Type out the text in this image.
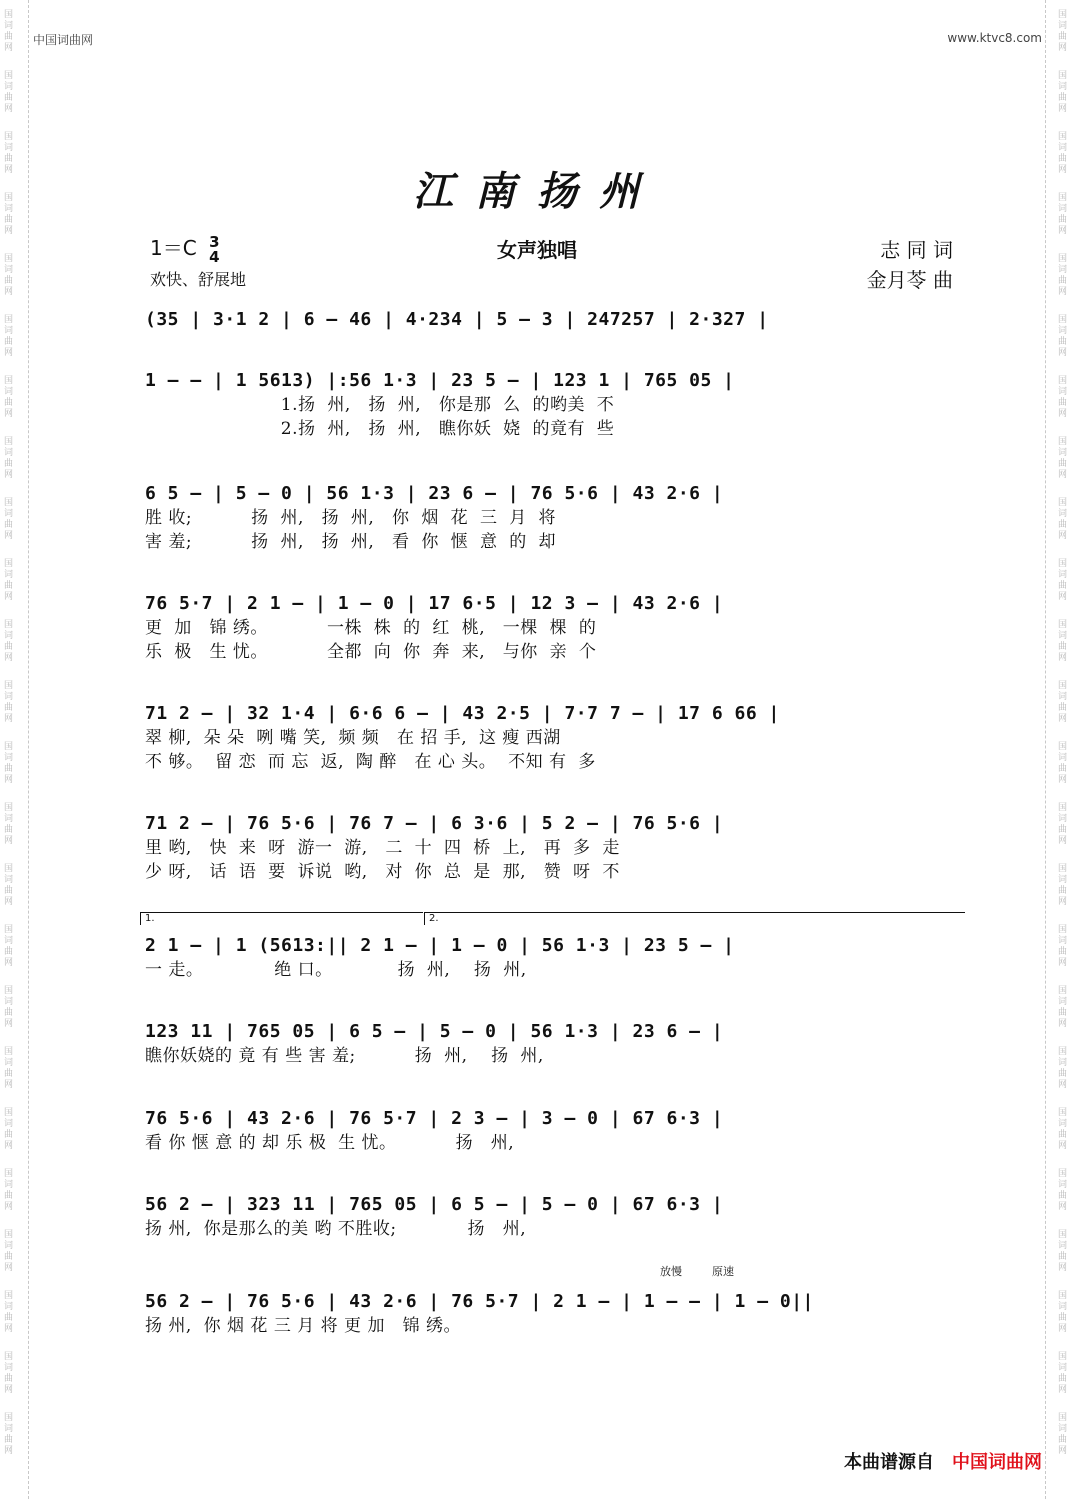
国词曲网
国词曲网
国词曲网
国词曲网
国词曲网
国词曲网
国词曲网
国词曲网
国词曲网
国词曲网
国词曲网
国词曲网
国词曲网
国词曲网
国词曲网
国词曲网
国词曲网
国词曲网
国词曲网
国词曲网
国词曲网
国词曲网
国词曲网
国词曲网
国词曲网
国词曲网
国词曲网
国词曲网
国词曲网
国词曲网
国词曲网
国词曲网
国词曲网
国词曲网
国词曲网
国词曲网
国词曲网
国词曲网
国词曲网
国词曲网
国词曲网
国词曲网
国词曲网
国词曲网
国词曲网
国词曲网
国词曲网
国词曲网
中国词曲网	www.ktvc8.com
江南扬州
1＝C 3
4	女声独唱	志 同 词
欢快、舒展地	金月苓 曲
(35 | 3·1 2 | 6 — 46 | 4·234 | 5 — 3 | 247257 | 2·327 |
1 — — | 1 5613) |:56 1·3 | 23 5 — | 123 1 | 765 05 |
1.扬  州,   扬  州,   你是那  么  的哟美  不
2.扬  州,   扬  州,   瞧你妖  娆  的竟有  些
6 5 — | 5 — 0 | 56 1·3 | 23 6 — | 76 5·6 | 43 2·6 |
胜 收;          扬  州,   扬  州,   你  烟  花  三  月  将
害 羞;          扬  州,   扬  州,   看  你  惬  意  的  却
76 5·7 | 2 1 — | 1 — 0 | 17 6·5 | 12 3 — | 43 2·6 |
更  加   锦 绣。          一株  株  的  红  桃,   一棵  棵  的
乐  极   生 忧。          全都  向  你  奔  来,   与你  亲  个
71 2 — | 32 1·4 | 6·6 6 — | 43 2·5 | 7·7 7 — | 17 6 66 |
翠 柳,  朵 朵  咧 嘴 笑,  频 频   在 招 手,  这 瘦 西湖
不 够。  留 恋  而 忘  返,  陶 醉   在 心 头。  不知 有  多
71 2 — | 76 5·6 | 76 7 — | 6 3·6 | 5 2 — | 76 5·6 |
里 哟,   快  来  呀  游一  游,   二  十  四  桥  上,   再  多  走
少 呀,   话  语  要  诉说  哟,   对  你  总  是  那,   赞  呀  不
2 1 — | 1 (5613:|| 2 1 — | 1 — 0 | 56 1·3 | 23 5 — |
一 走。            绝 口。           扬  州,    扬  州,
123 11 | 765 05 | 6 5 — | 5 — 0 | 56 1·3 | 23 6 — |
瞧你妖娆的 竟 有 些 害 羞;          扬  州,    扬  州,
76 5·6 | 43 2·6 | 76 5·7 | 2 3 — | 3 — 0 | 67 6·3 |
看 你 惬 意 的 却 乐 极  生 忧。          扬   州,
56 2 — | 323 11 | 765 05 | 6 5 — | 5 — 0 | 67 6·3 |
扬 州,  你是那么的美 哟 不胜收;            扬   州,
56 2 — | 76 5·6 | 43 2·6 | 76 5·7 | 2 1 — | 1 — — | 1 — 0||
扬 州,  你 烟 花 三 月 将 更 加   锦 绣。
1.	2.
放慢	原速
本曲谱源自 中国词曲网
